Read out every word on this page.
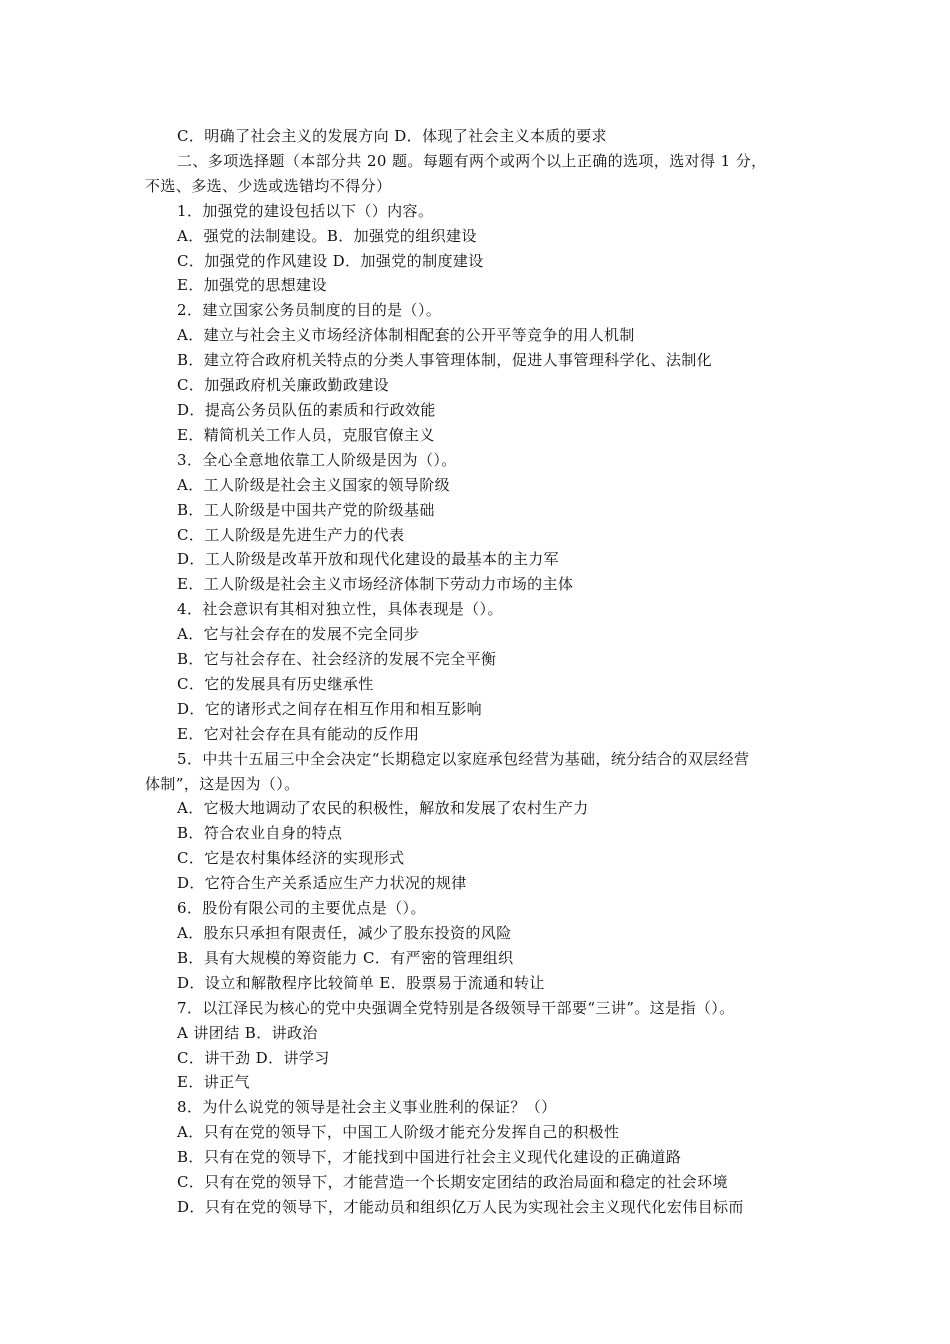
C．明确了社会主义的发展方向 D．体现了社会主义本质的要求
二、多项选择题（本部分共 20 题。每题有两个或两个以上正确的选项，选对得 1 分，
不选、多选、少选或选错均不得分）
1．加强党的建设包括以下（）内容。
A．强党的法制建设。B．加强党的组织建设
C．加强党的作风建设 D．加强党的制度建设
E．加强党的思想建设
2．建立国家公务员制度的目的是（）。
A．建立与社会主义市场经济体制相配套的公开平等竞争的用人机制
B．建立符合政府机关特点的分类人事管理体制，促进人事管理科学化、法制化
C．加强政府机关廉政勤政建设
D．提高公务员队伍的素质和行政效能
E．精简机关工作人员，克服官僚主义
3．全心全意地依靠工人阶级是因为（）。
A．工人阶级是社会主义国家的领导阶级
B．工人阶级是中国共产党的阶级基础
C．工人阶级是先进生产力的代表
D．工人阶级是改革开放和现代化建设的最基本的主力军
E．工人阶级是社会主义市场经济体制下劳动力市场的主体
4．社会意识有其相对独立性，具体表现是（）。
A．它与社会存在的发展不完全同步
B．它与社会存在、社会经济的发展不完全平衡
C．它的发展具有历史继承性
D．它的诸形式之间存在相互作用和相互影响
E．它对社会存在具有能动的反作用
5．中共十五届三中全会决定“长期稳定以家庭承包经营为基础，统分结合的双层经营
体制”，这是因为（）。
A．它极大地调动了农民的积极性，解放和发展了农村生产力
B．符合农业自身的特点
C．它是农村集体经济的实现形式
D．它符合生产关系适应生产力状况的规律
6．股份有限公司的主要优点是（）。
A．股东只承担有限责任，减少了股东投资的风险
B．具有大规模的筹资能力 C．有严密的管理组织
D．设立和解散程序比较简单 E．股票易于流通和转让
7．以江泽民为核心的党中央强调全党特别是各级领导干部要“三讲”。这是指（）。
A 讲团结 B．讲政治
C．讲干劲 D．讲学习
E．讲正气
8．为什么说党的领导是社会主义事业胜利的保证？（）
A．只有在党的领导下，中国工人阶级才能充分发挥自己的积极性
B．只有在党的领导下，才能找到中国进行社会主义现代化建设的正确道路
C．只有在党的领导下，才能营造一个长期安定团结的政治局面和稳定的社会环境
D．只有在党的领导下，才能动员和组织亿万人民为实现社会主义现代化宏伟目标而
